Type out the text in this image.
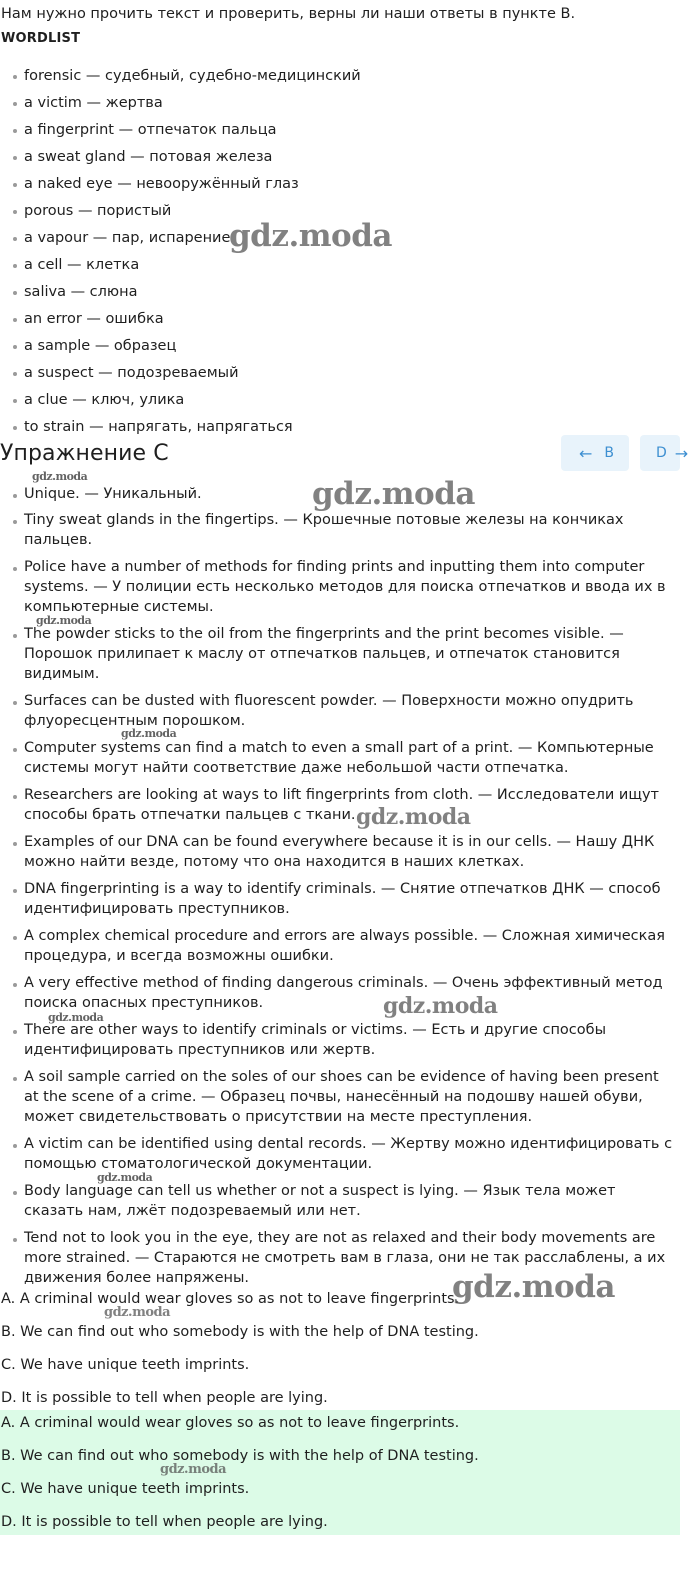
Нам нужно прочить текст и проверить, верны ли наши ответы в пункте В.
WORDLIST
forensic — судебный, судебно-медицинский
a victim — жертва
a fingerprint — отпечаток пальца
a sweat gland — потовая железа
a naked eye — невооружённый глаз
porous — пористый
a vapour — пар, испарение
a cell — клетка
saliva — слюна
an error — ошибка
a sample — образец
a suspect — подозреваемый
a clue — ключ, улика
to strain — напрягать, напрягаться
Упражнение C	← B	D →
Unique. — Уникальный.
Tiny sweat glands in the fingertips. — Крошечные потовые железы на кончиках пальцев.
Police have a number of methods for finding prints and inputting them into computer systems. — У полиции есть несколько методов для поиска отпечатков и ввода их в компьютерные системы.
The powder sticks to the oil from the fingerprints and the print becomes visible. — Порошок прилипает к маслу от отпечатков пальцев, и отпечаток становится видимым.
Surfaces can be dusted with fluorescent powder. — Поверхности можно опудрить флуоресцентным порошком.
Computer systems can find a match to even a small part of a print. — Компьютерные системы могут найти соответствие даже небольшой части отпечатка.
Researchers are looking at ways to lift fingerprints from cloth. — Исследователи ищут способы брать отпечатки пальцев с ткани.
Examples of our DNA can be found everywhere because it is in our cells. — Нашу ДНК можно найти везде, потому что она находится в наших клетках.
DNA fingerprinting is a way to identify criminals. — Снятие отпечатков ДНК — способ идентифицировать преступников.
A complex chemical procedure and errors are always possible. — Сложная химическая процедура, и всегда возможны ошибки.
A very effective method of finding dangerous criminals. — Очень эффективный метод поиска опасных преступников.
There are other ways to identify criminals or victims. — Есть и другие способы идентифицировать преступников или жертв.
A soil sample carried on the soles of our shoes can be evidence of having been present at the scene of a crime. — Образец почвы, нанесённый на подошву нашей обуви, может свидетельствовать о присутствии на месте преступления.
A victim can be identified using dental records. — Жертву можно идентифицировать с помощью стоматологической документации.
Body language can tell us whether or not a suspect is lying. — Язык тела может сказать нам, лжёт подозреваемый или нет.
Tend not to look you in the eye, they are not as relaxed and their body movements are more strained. — Стараются не смотреть вам в глаза, они не так расслаблены, а их движения более напряжены.
A. A criminal would wear gloves so as not to leave fingerprints.
B. We can find out who somebody is with the help of DNA testing.
C. We have unique teeth imprints.
D. It is possible to tell when people are lying.
A. A criminal would wear gloves so as not to leave fingerprints.
B. We can find out who somebody is with the help of DNA testing.
C. We have unique teeth imprints.
D. It is possible to tell when people are lying.
gdz.moda
gdz.moda
gdz.moda
gdz.moda
gdz.moda
gdz.moda
gdz.moda
gdz.moda
gdz.moda
gdz.moda
gdz.moda
gdz.moda
